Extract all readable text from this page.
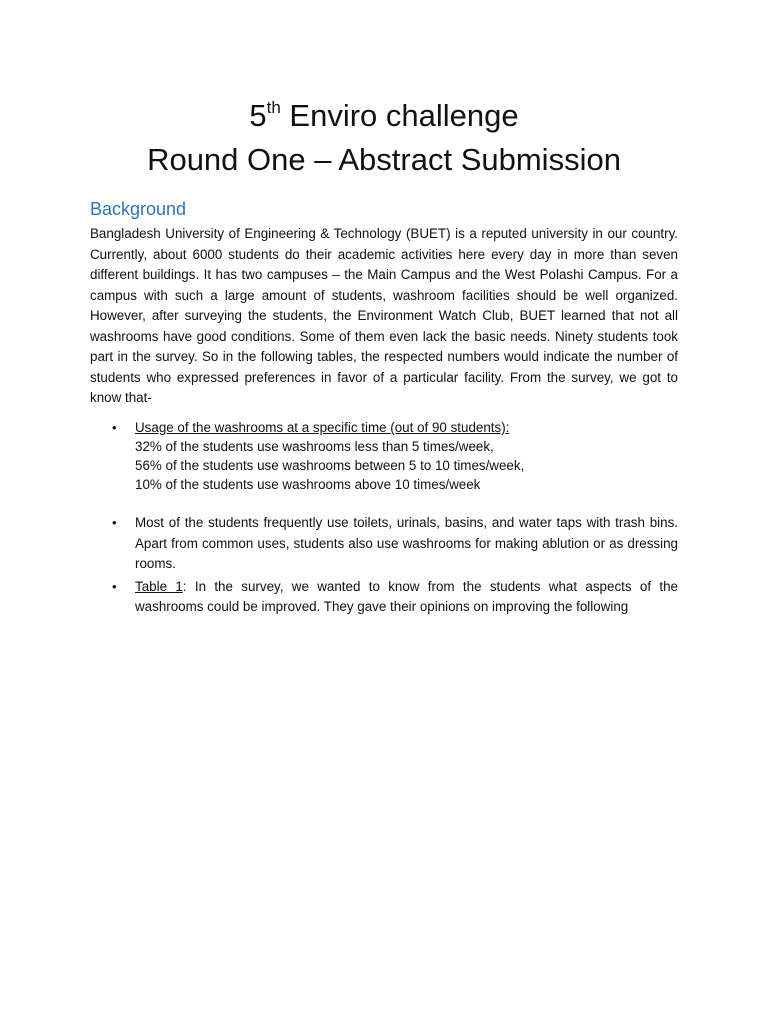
5th Enviro challenge
Round One – Abstract Submission
Background
Bangladesh University of Engineering & Technology (BUET) is a reputed university in our country. Currently, about 6000 students do their academic activities here every day in more than seven different buildings. It has two campuses – the Main Campus and the West Polashi Campus. For a campus with such a large amount of students, washroom facilities should be well organized. However, after surveying the students, the Environment Watch Club, BUET learned that not all washrooms have good conditions. Some of them even lack the basic needs. Ninety students took part in the survey. So in the following tables, the respected numbers would indicate the number of students who expressed preferences in favor of a particular facility. From the survey, we got to know that-
• Usage of the washrooms at a specific time (out of 90 students):
32% of the students use washrooms less than 5 times/week,
56% of the students use washrooms between 5 to 10 times/week,
10% of the students use washrooms above 10 times/week
• Most of the students frequently use toilets, urinals, basins, and water taps with trash bins. Apart from common uses, students also use washrooms for making ablution or as dressing rooms.
• Table 1: In the survey, we wanted to know from the students what aspects of the washrooms could be improved. They gave their opinions on improving the following
